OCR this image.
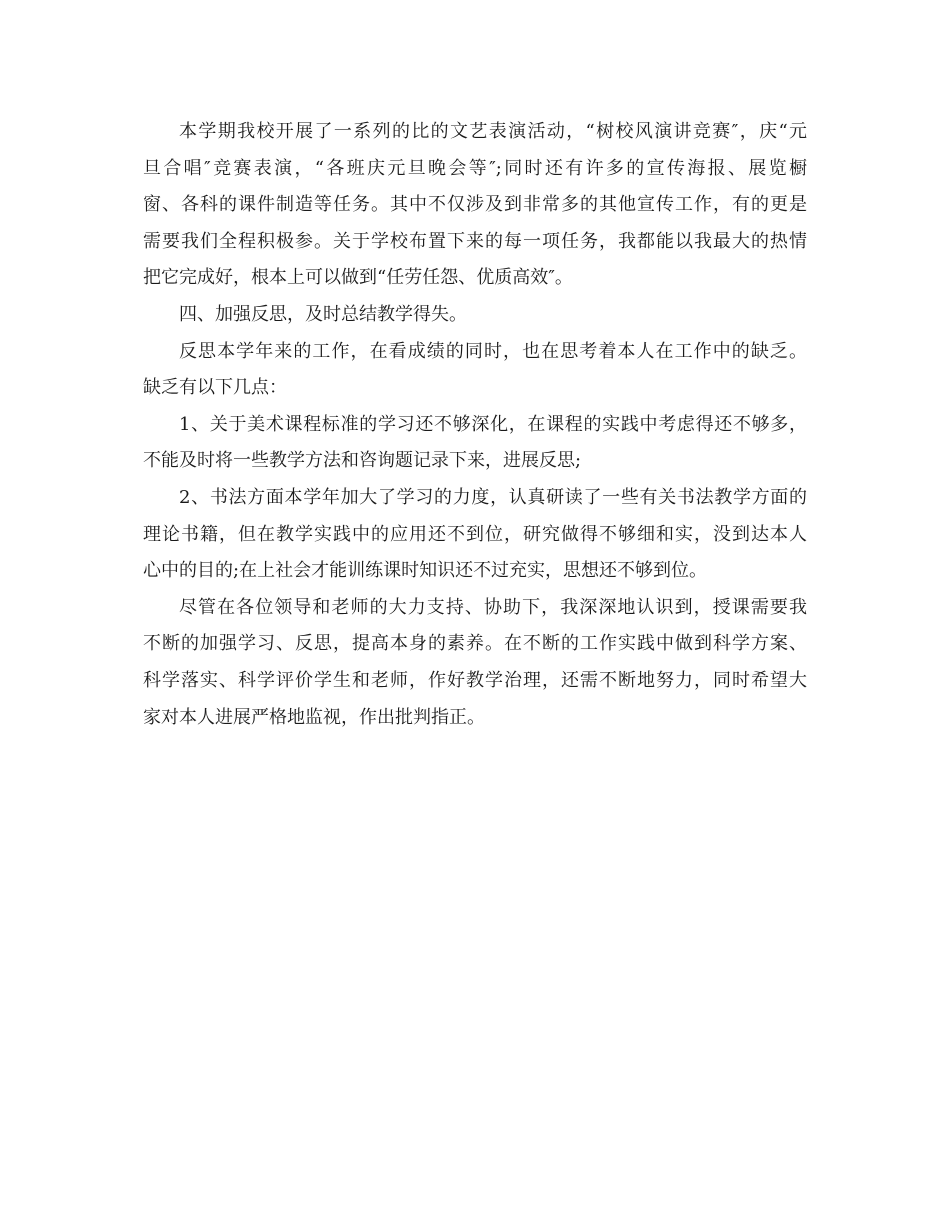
本学期我校开展了一系列的比的文艺表演活动，“树校风演讲竞赛″，庆“元
旦合唱″竞赛表演，“各班庆元旦晚会等″;同时还有许多的宣传海报、展览橱
窗、各科的课件制造等任务。其中不仅涉及到非常多的其他宣传工作，有的更是
需要我们全程积极参。关于学校布置下来的每一项任务，我都能以我最大的热情
把它完成好，根本上可以做到“任劳任怨、优质高效″。
四、加强反思，及时总结教学得失。
反思本学年来的工作，在看成绩的同时，也在思考着本人在工作中的缺乏。
缺乏有以下几点：
1、关于美术课程标准的学习还不够深化，在课程的实践中考虑得还不够多，
不能及时将一些教学方法和咨询题记录下来，进展反思;
2、书法方面本学年加大了学习的力度，认真研读了一些有关书法教学方面的
理论书籍，但在教学实践中的应用还不到位，研究做得不够细和实，没到达本人
心中的目的;在上社会才能训练课时知识还不过充实，思想还不够到位。
尽管在各位领导和老师的大力支持、协助下，我深深地认识到，授课需要我
不断的加强学习、反思，提高本身的素养。在不断的工作实践中做到科学方案、
科学落实、科学评价学生和老师，作好教学治理，还需不断地努力，同时希望大
家对本人进展严格地监视，作出批判指正。
